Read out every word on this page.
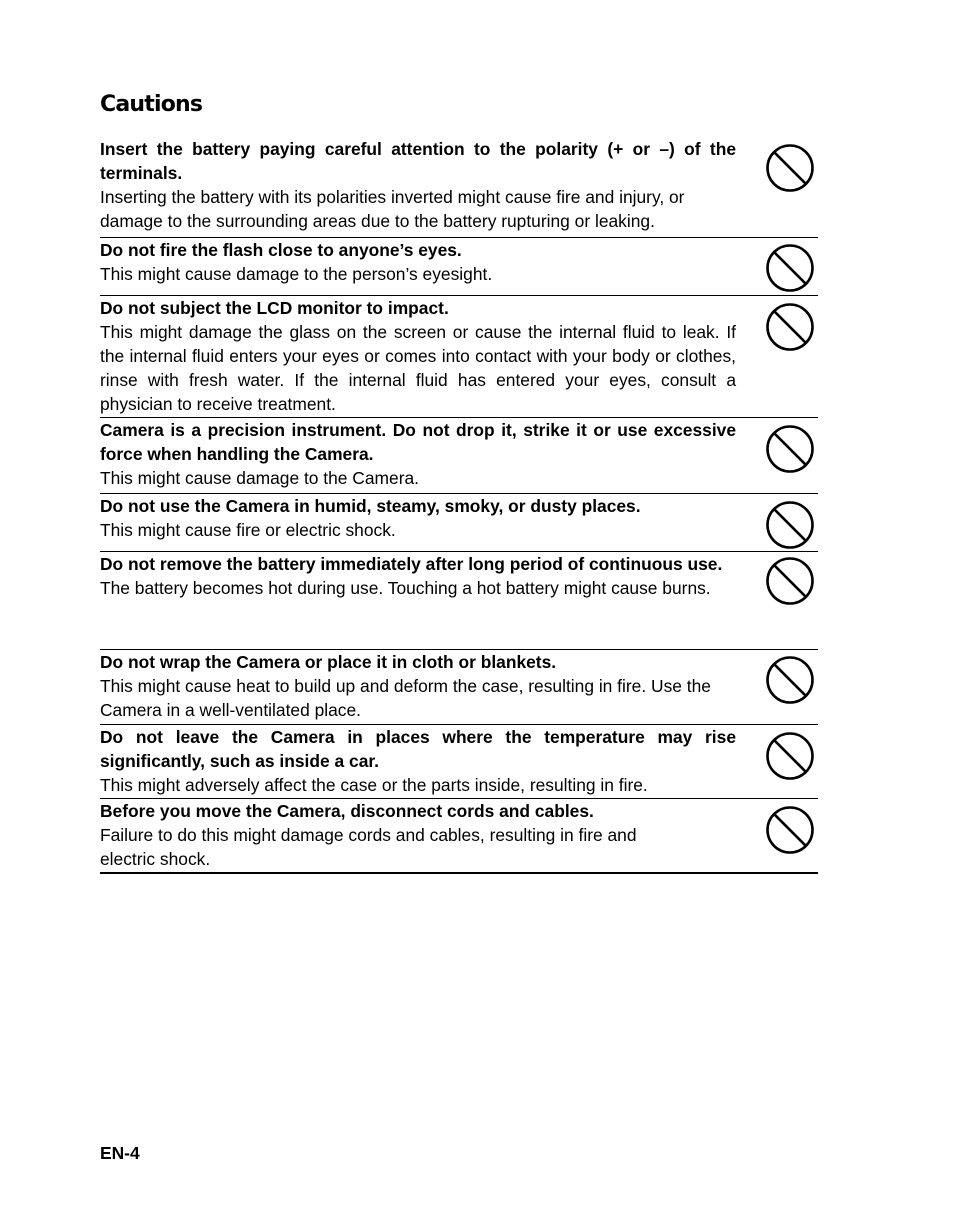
Cautions

Insert the battery paying careful attention to the polarity (+ or –) of the terminals.

Inserting the battery with its polarities inverted might cause fire and injury, or damage to the surrounding areas due to the battery rupturing or leaking.

Do not fire the flash close to anyone’s eyes.

This might cause damage to the person’s eyesight.

Do not subject the LCD monitor to impact.

This might damage the glass on the screen or cause the internal fluid to leak. If the internal fluid enters your eyes or comes into contact with your body or clothes, rinse with fresh water. If the internal fluid has entered your eyes, consult a physician to receive treatment.

Camera is a precision instrument. Do not drop it, strike it or use excessive force when handling the Camera.

This might cause damage to the Camera.

Do not use the Camera in humid, steamy, smoky, or dusty places.

This might cause fire or electric shock.

Do not remove the battery immediately after long period of continuous use.

The battery becomes hot during use. Touching a hot battery might cause burns.

Do not wrap the Camera or place it in cloth or blankets.

This might cause heat to build up and deform the case, resulting in fire. Use the Camera in a well-ventilated place.

Do not leave the Camera in places where the temperature may rise significantly, such as inside a car.

This might adversely affect the case or the parts inside, resulting in fire.

Before you move the Camera, disconnect cords and cables.

Failure to do this might damage cords and cables, resulting in fire and electric shock.

EN-4
